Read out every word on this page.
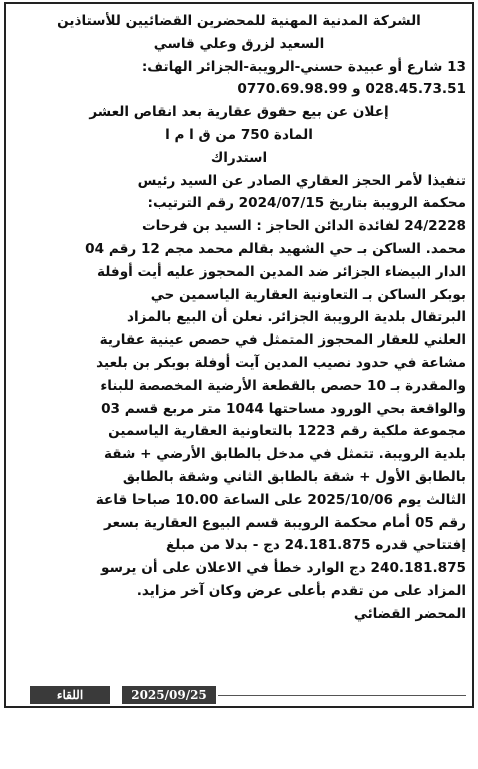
الشركة المدنية المهنية للمحضرين القضائيين للأستاذين
السعيد لزرق وعلي قاسي
13 شارع أو عبيدة حسني-الرويبة-الجزائر الهاتف:
028.45.73.51 و 0770.69.98.99
إعلان عن بيع حقوق عقارية بعد انقاص العشر
المادة 750 من ق ا م ا
استدراك
تنفيذا لأمر الحجز العقاري الصادر عن السيد رئيس
محكمة الرويبة بتاريخ 2024/07/15 رقم الترتيب:
24/2228 لفائدة الدائن الحاجز : السيد بن فرحات
محمد. الساكن بـ حي الشهيد بقالم محمد مجم 12 رقم 04
الدار البيضاء الجزائر ضد المدين المحجوز عليه أيت أوفلة
بوبكر الساكن بـ التعاونية العقارية الياسمين حي
البرتقال بلدية الرويبة الجزائر. نعلن أن البيع بالمزاد
العلني للعقار المحجوز المتمثل في حصص عينية عقارية
مشاعة في حدود نصيب المدين آيت أوفلة بوبكر بن بلعيد
والمقدرة بـ 10 حصص بالقطعة الأرضية المخصصة للبناء
والواقعة بحي الورود مساحتها 1044 متر مربع قسم 03
مجموعة ملكية رقم 1223 بالتعاونية العقارية الياسمين
بلدية الرويبة. تتمثل في مدخل بالطابق الأرضي + شقة
بالطابق الأول + شقة بالطابق الثاني وشقة بالطابق
الثالث يوم 2025/10/06 على الساعة 10.00 صباحا قاعة
رقم 05 أمام محكمة الرويبة قسم البيوع العقارية بسعر
إفتتاحي قدره 24.181.875 دج - بدلا من مبلغ
240.181.875 دج الوارد خطأ في الاعلان على أن يرسو
المزاد على من تقدم بأعلى عرض وكان آخر مزايد.
المحضر القضائي
اللقاء	2025/09/25
